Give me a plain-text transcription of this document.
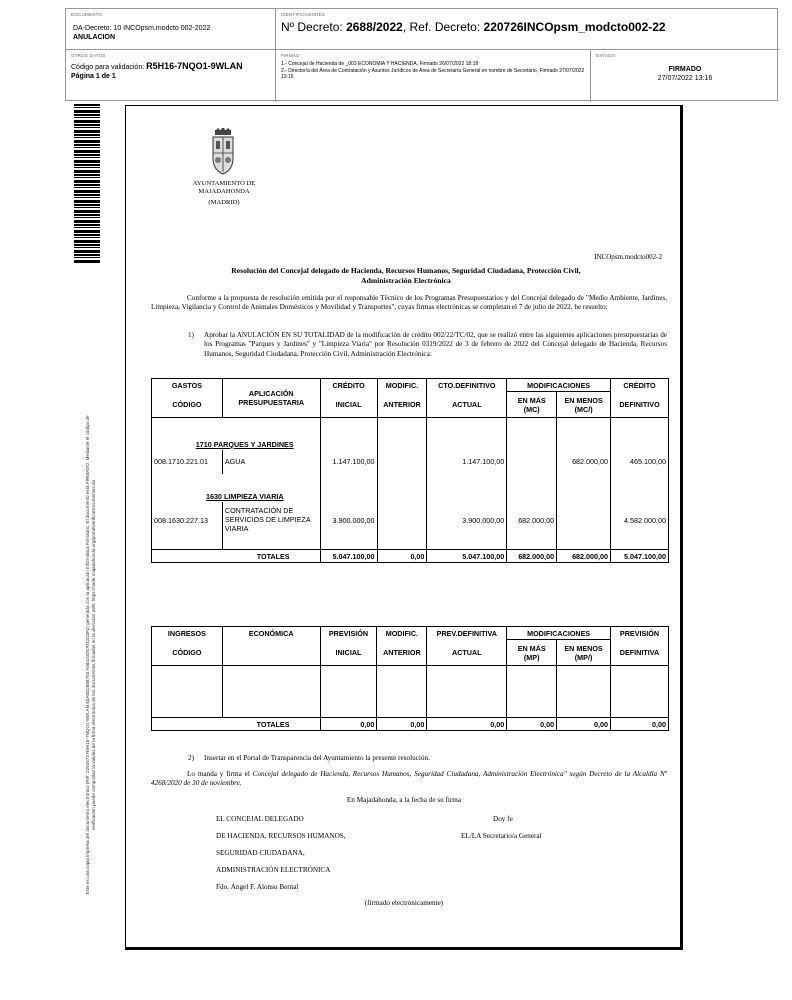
DOCUMENTO
DA-Decreto: 10 INCOpsm.modcto 002-2022
ANULACION
IDENTIFICADORES
Nº Decreto: 2688/2022, Ref. Decreto: 220726INCOpsm_modcto002-22
OTROS DATOS
Código para validación: R5H16-7NQO1-9WLAN
Página 1 de 1
FIRMAS
1.- Concejal de Hacienda de _003 ECONOMIA Y HACIENDA, Firmado 26/07/2022 18:18
2.- Director/a del Área de Contratación y Asuntos Jurídicos de Area de Secretaría General en nombre de Secretario, Firmado 27/07/2022 13:16
ESTADO
FIRMADO
27/07/2022 13:16
Este es una copia impresa del documento electrónico (Ref: 2292573 R5H16-7NQO1-9WLAN 83A8D2888703 A58410D57042D3F2) generada con la aplicación informática Firmadoc. El documento está FIRMADO. Mediante el código de
verificación puede comprobar la validez de la firma electrónica de los documentos firmados en la dirección web: https://sede.majadahonda.org/portal/verificaDocumentos.do
AYUNTAMIENTO DE
MAJADAHONDA
(MADRID)
INCOpsm.modcto002-2
Resolución del Concejal delegado de Hacienda, Recursos Humanos, Seguridad Ciudadana, Protección Civil,
Administración Electrónica
Conforme a la propuesta de resolución emitida por el responsable Técnico de los Programas Presupuestarios y del Concejal delegado de "Medio Ambiente, Jardines, Limpieza, Vigilancia y Control de Animales Domésticos y Movilidad y Transportes", cuyas firmas electrónicas se completan el 7 de julio de 2022, he resuelto:
1)	Aprobar la ANULACIÓN EN SU TOTALIDAD de la modificación de crédito 002/22/TC/02, que se realizó entre las siguientes aplicaciones presupuestarias de los Programas "Parques y Jardines" y "Limpieza Viaria" por Resolución 0319/2022 de 3 de febrero de 2022 del Concejal delegado de Hacienda, Recursos Humanos, Seguridad Ciudadana, Protección Civil, Administración Electrónica:
GASTOS	APLICACIÓN PRESUPUESTARIA	CRÉDITO	MODIFIC.	CTO.DEFINITIVO	MODIFICACIONES		CRÉDITO
CÓDIGO		INICIAL	ANTERIOR	ACTUAL	EN MÁS (MC)	EN MENOS (MC/)	DEFINITIVO
1710 PARQUES Y JARDINES							
008.1710.221.01	AGUA	1.147.100,00		1.147.100,00		682.000,00	465.100,00
1630 LIMPIEZA VIARIA							
008.1630.227.13	CONTRATACIÓN DE SERVICIOS DE LIMPIEZA VIARIA	3.900.000,00		3.900.000,00	682.000,00		4.582.000,00
TOTALES		5.047.100,00	0,00	5.047.100,00	682.000,00	682.000,00	5.047.100,00
INGRESOS	ECONÓMICA	PREVISIÓN	MODIFIC.	PREV.DEFINITIVA	MODIFICACIONES		PREVISIÓN
CÓDIGO		INICIAL	ANTERIOR	ACTUAL	EN MÁS (MP)	EN MENOS (MP/)	DEFINITIVA

TOTALES		0,00	0,00	0,00	0,00	0,00	0,00
2)	Insertar en el Portal de Transparencia del Ayuntamiento la presente resolución.
Lo manda y firma el Concejal delegado de Hacienda, Recursos Humanos, Seguridad Ciudadana, Administración Electrónica" según Decreto de la Alcaldía Nº 4268/2020 de 30 de noviembre.
En Majadahonda, a la fecha de su firma
EL CONCEJAL DELEGADO	Doy fe
DE HACIENDA, RECURSOS HUMANOS,	EL/LA Secretario/a General
SEGURIDAD CIUDADANA,
ADMINISTRACIÓN ELECTRÓNICA
Fdo. Ángel F. Alonso Bernal
(firmado electrónicamente)
